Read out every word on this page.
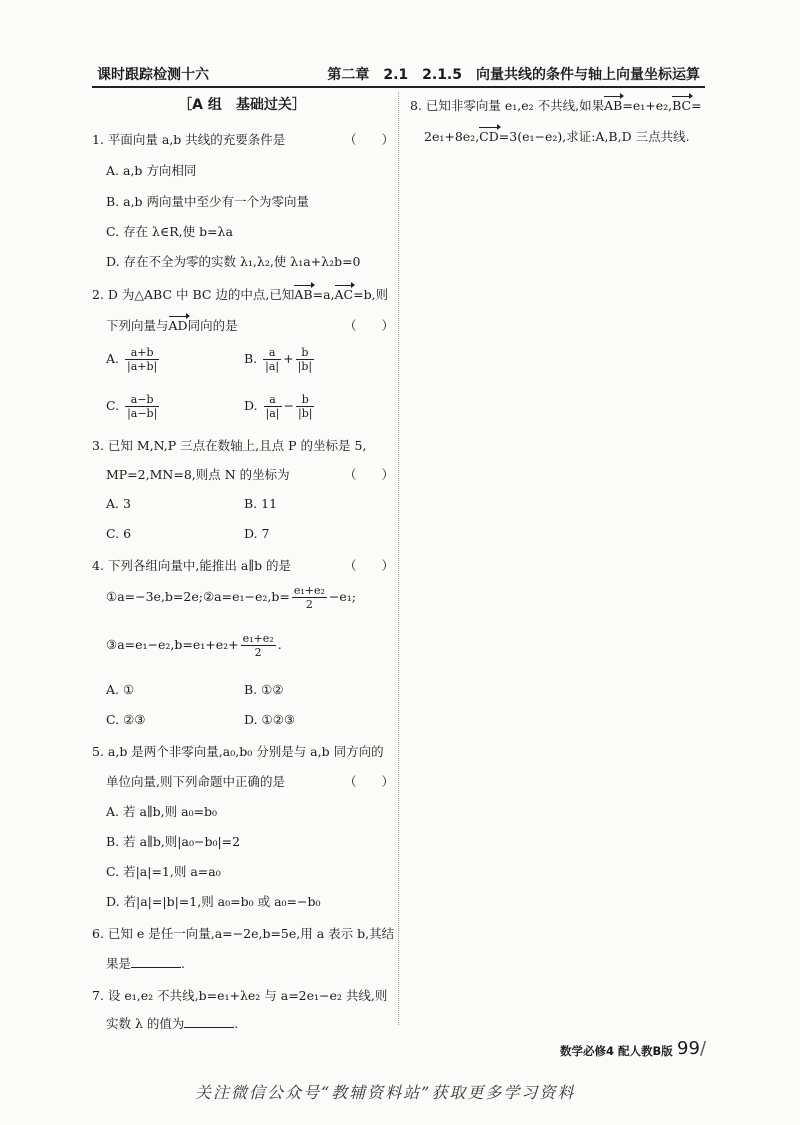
课时跟踪检测十六	第二章　2.1　2.1.5　向量共线的条件与轴上向量坐标运算
［A 组　基础过关］
1. 平面向量 a,b 共线的充要条件是	（　　）
A. a,b 方向相同
B. a,b 两向量中至少有一个为零向量
C. 存在 λ∈R,使 b=λa
D. 存在不全为零的实数 λ₁,λ₂,使 λ₁a+λ₂b=0
2. D 为△ABC 中 BC 边的中点,已知AB=a,AC=b,则
下列向量与AD同向的是	（　　）
A. $\frac{a+b}{|a+b|}$	B. $\frac{a}{|a|} + \frac{b}{|b|}$
C. $\frac{a-b}{|a-b|}$	D. $\frac{a}{|a|} - \frac{b}{|b|}$
3. 已知 M,N,P 三点在数轴上,且点 P 的坐标是 5,
MP=2,MN=8,则点 N 的坐标为	（　　）
A. 3	B. 11
C. 6	D. 7
4. 下列各组向量中,能推出 a∥b 的是	（　　）
①a=−3e,b=2e;②a=e₁−e₂,b= $\frac{\text{e₁+e₂}}{2} -e_1$;
③a=e₁−e₂,b=e₁+e₂+ $\frac{\text{e₁+e₂}}{2}$ .
A. ①	B. ①②
C. ②③	D. ①②③
5. a,b 是两个非零向量,a₀,b₀ 分别是与 a,b 同方向的
单位向量,则下列命题中正确的是	（　　）
A. 若 a∥b,则 a₀=b₀
B. 若 a∥b,则|a₀−b₀|=2
C. 若|a|=1,则 a=a₀
D. 若|a|=|b|=1,则 a₀=b₀ 或 a₀=−b₀
6. 已知 e 是任一向量,a=−2e,b=5e,用 a 表示 b,其结
果是	.
7. 设 e₁,e₂ 不共线,b=e₁+λe₂ 与 a=2e₁−e₂ 共线,则
实数 λ 的值为	.
8. 已知非零向量 e₁,e₂ 不共线,如果AB=e₁+e₂,BC=
2e₁+8e₂,CD=3(e₁−e₂),求证:A,B,D 三点共线.
数学必修4 配人教B版 99 /
关注微信公众号“教辅资料站”获取更多学习资料
